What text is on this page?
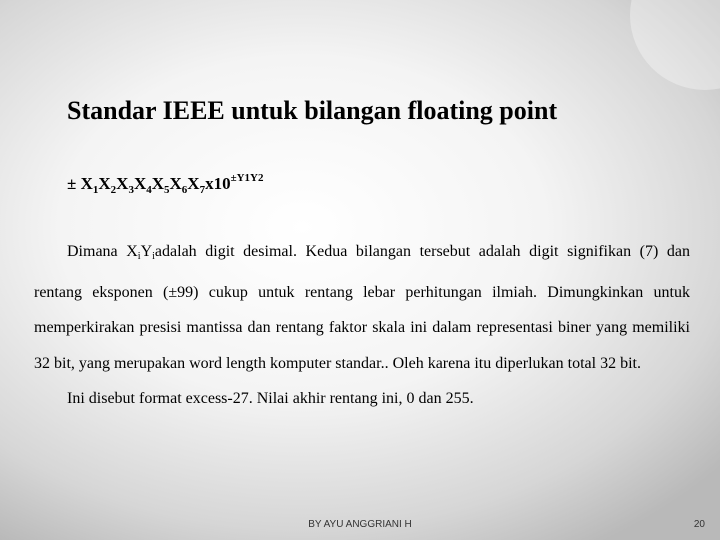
Standar IEEE untuk bilangan floating point
± $X_1X_2X_3X_4X_5X_6X_7x10^{\pm Y1Y2}$

Dimana $X_iY_iadalah$ digit desimal. Kedua bilangan tersebut adalah digit signifikan (7) dan rentang eksponen (±99) cukup untuk rentang lebar perhitungan ilmiah. Dimungkinkan untuk memperkirakan presisi mantissa dan rentang faktor skala ini dalam representasi biner yang memiliki 32 bit, yang merupakan word length komputer standar.. Oleh karena itu diperlukan total 32 bit.

Ini disebut format excess-27. Nilai akhir rentang ini, 0 dan 255.

BY AYU ANGGRIANI H	20
